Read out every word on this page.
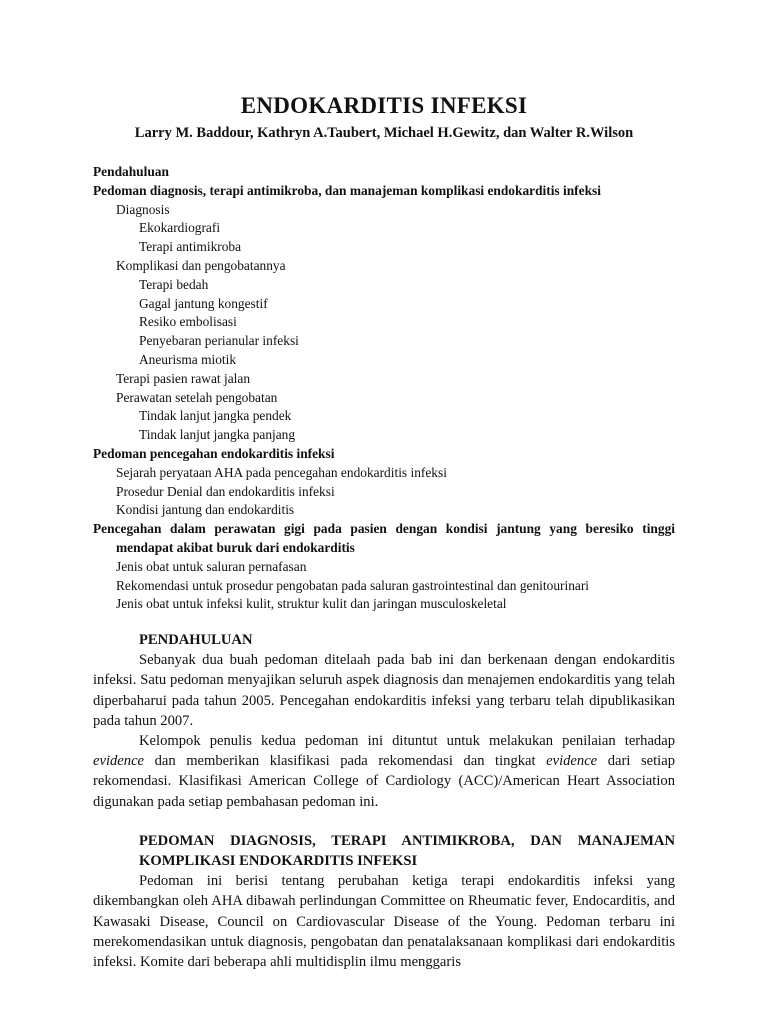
ENDOKARDITIS INFEKSI
Larry M. Baddour, Kathryn A.Taubert, Michael H.Gewitz, dan Walter R.Wilson
Pendahuluan
Pedoman diagnosis, terapi antimikroba, dan manajeman komplikasi endokarditis infeksi
Diagnosis
Ekokardiografi
Terapi antimikroba
Komplikasi dan pengobatannya
Terapi bedah
Gagal jantung kongestif
Resiko embolisasi
Penyebaran perianular infeksi
Aneurisma miotik
Terapi pasien rawat jalan
Perawatan setelah pengobatan
Tindak lanjut jangka pendek
Tindak lanjut jangka panjang
Pedoman pencegahan endokarditis infeksi
Sejarah peryataan AHA pada pencegahan endokarditis infeksi
Prosedur Denial dan endokarditis infeksi
Kondisi jantung dan endokarditis
Pencegahan dalam perawatan gigi pada pasien dengan kondisi jantung yang beresiko tinggi mendapat akibat buruk dari endokarditis
Jenis obat untuk saluran pernafasan
Rekomendasi untuk prosedur pengobatan pada saluran gastrointestinal dan genitourinari
Jenis obat untuk infeksi kulit, struktur kulit dan jaringan musculoskeletal

PENDAHULUAN

Sebanyak dua buah pedoman ditelaah pada bab ini dan berkenaan dengan endokarditis infeksi. Satu pedoman menyajikan seluruh aspek diagnosis dan menajemen endokarditis yang telah diperbaharui pada tahun 2005. Pencegahan endokarditis infeksi yang terbaru telah dipublikasikan pada tahun 2007.

Kelompok penulis kedua pedoman ini dituntut untuk melakukan penilaian terhadap evidence dan memberikan klasifikasi pada rekomendasi dan tingkat evidence dari setiap rekomendasi. Klasifikasi American College of Cardiology (ACC)/American Heart Association digunakan pada setiap pembahasan pedoman ini.

PEDOMAN DIAGNOSIS, TERAPI ANTIMIKROBA, DAN MANAJEMAN KOMPLIKASI ENDOKARDITIS INFEKSI

Pedoman ini berisi tentang perubahan ketiga terapi endokarditis infeksi yang dikembangkan oleh AHA dibawah perlindungan Committee on Rheumatic fever, Endocarditis, and Kawasaki Disease, Council on Cardiovascular Disease of the Young. Pedoman terbaru ini merekomendasikan untuk diagnosis, pengobatan dan penatalaksanaan komplikasi dari endokarditis infeksi. Komite dari beberapa ahli multidisplin ilmu menggaris
